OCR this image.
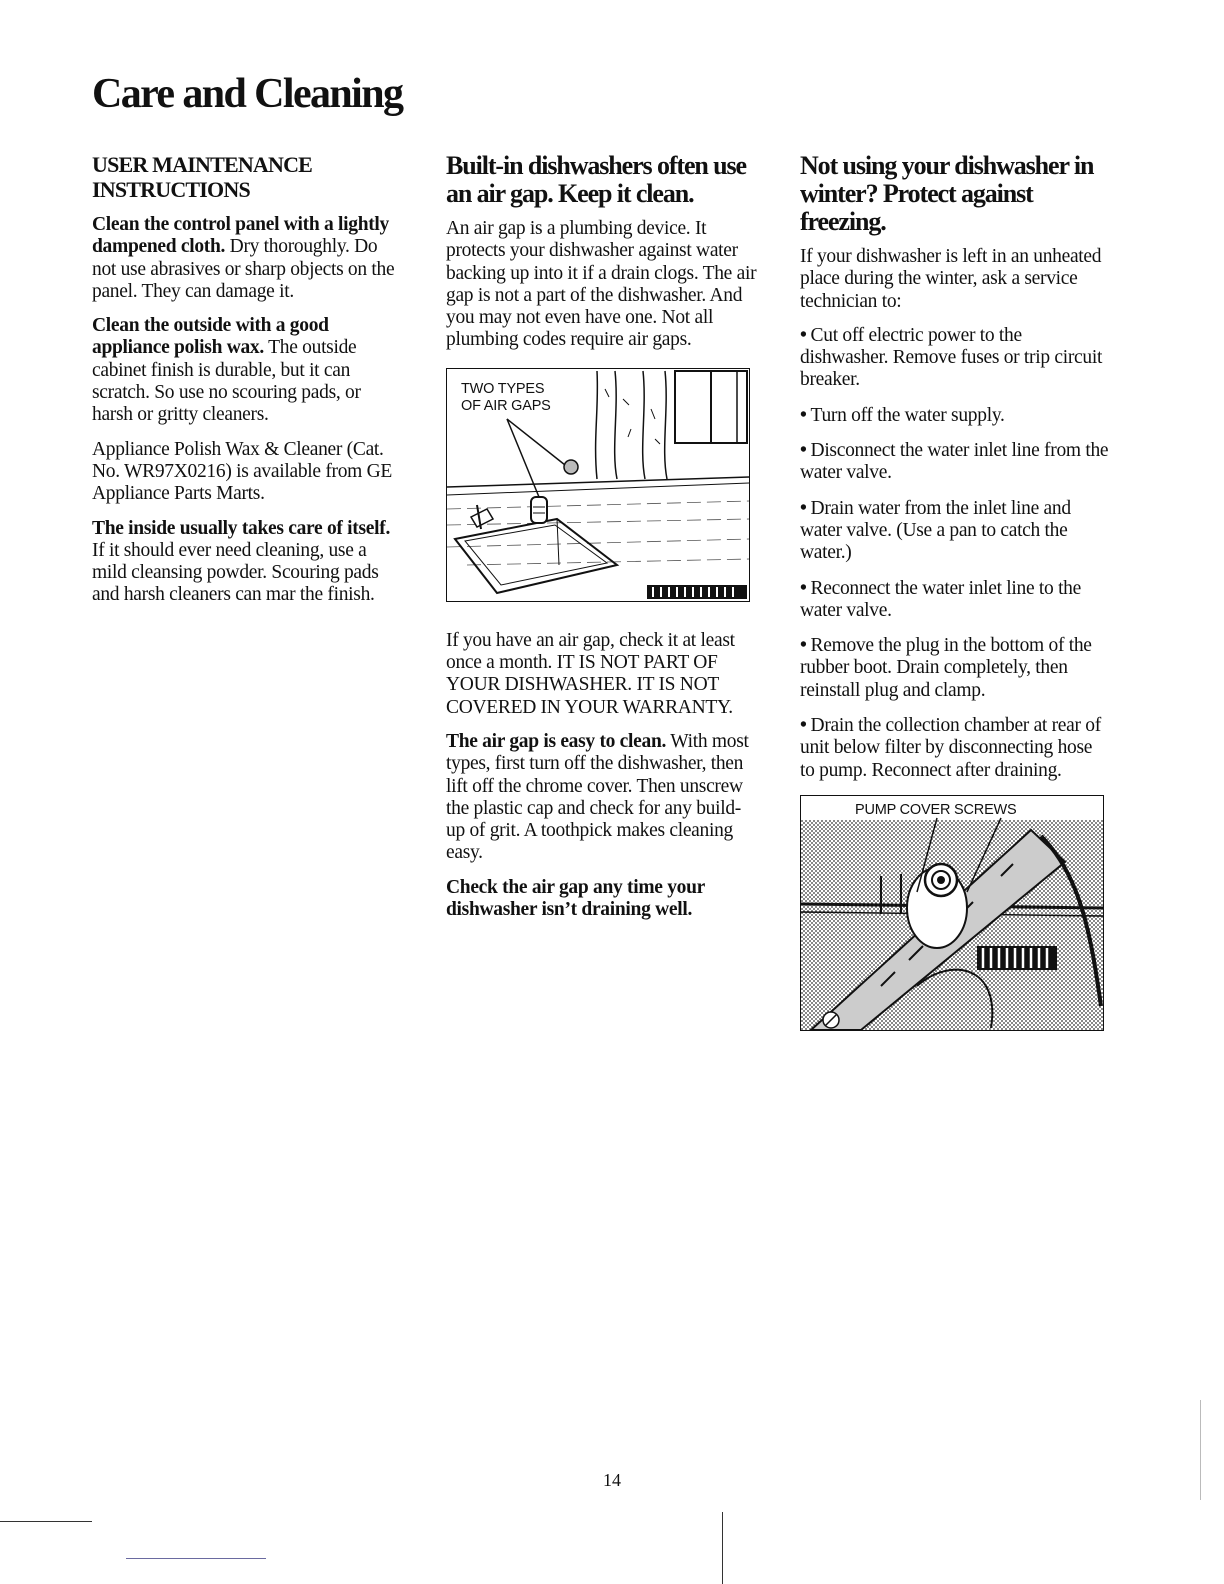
Care and Cleaning
USER MAINTENANCE INSTRUCTIONS

Clean the control panel with a lightly dampened cloth. Dry thoroughly. Do not use abrasives or sharp objects on the panel. They can damage it.

Clean the outside with a good appliance polish wax. The outside cabinet finish is durable, but it can scratch. So use no scouring pads, or harsh or gritty cleaners.

Appliance Polish Wax & Cleaner (Cat. No. WR97X0216) is available from GE Appliance Parts Marts.

The inside usually takes care of itself. If it should ever need cleaning, use a mild cleansing powder. Scouring pads and harsh cleaners can mar the finish.

Built-in dishwashers often use an air gap. Keep it clean.

An air gap is a plumbing device. It protects your dishwasher against water backing up into it if a drain clogs. The air gap is not a part of the dishwasher. And you may not even have one. Not all plumbing codes require air gaps.

TWO TYPES
OF AIR GAPS

If you have an air gap, check it at least once a month. IT IS NOT PART OF YOUR DISHWASHER. IT IS NOT COVERED IN YOUR WARRANTY.

The air gap is easy to clean. With most types, first turn off the dishwasher, then lift off the chrome cover. Then unscrew the plastic cap and check for any build-up of grit. A toothpick makes cleaning easy.

Check the air gap any time your dishwasher isn’t draining well.

Not using your dishwasher in winter? Protect against freezing.

If your dishwasher is left in an unheated place during the winter, ask a service technician to:

• Cut off electric power to the dishwasher. Remove fuses or trip circuit breaker.
• Turn off the water supply.
• Disconnect the water inlet line from the water valve.
• Drain water from the inlet line and water valve. (Use a pan to catch the water.)
• Reconnect the water inlet line to the water valve.
• Remove the plug in the bottom of the rubber boot. Drain completely, then reinstall plug and clamp.
• Drain the collection chamber at rear of unit below filter by disconnecting hose to pump. Reconnect after draining.
PUMP COVER SCREWS
14
